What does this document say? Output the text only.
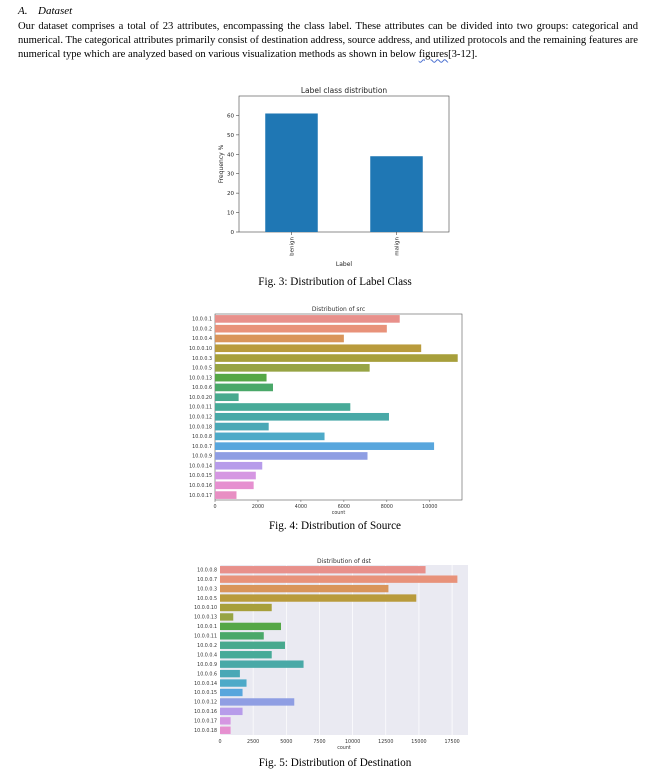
A. Dataset
Our dataset comprises a total of 23 attributes, encompassing the class label. These attributes can be divided into two groups: categorical and numerical. The categorical attributes primarily consist of destination address, source address, and utilized protocols and the remaining features are numerical type which are analyzed based on various visualization methods as shown in below figures[3-12].
Label class distribution
0
10
20
30
40
50
60
benign	malign
Label
Frequency %
Fig. 3: Distribution of Label Class
Distribution of src
0	2000	4000	6000	8000	10000
10.0.0.1
10.0.0.2
10.0.0.4
10.0.0.10
10.0.0.3
10.0.0.5
10.0.0.13
10.0.0.6
10.0.0.20
10.0.0.11
10.0.0.12
10.0.0.18
10.0.0.8
10.0.0.7
10.0.0.9
10.0.0.14
10.0.0.15
10.0.0.16
10.0.0.17
count
Fig. 4: Distribution of Source
Distribution of dst
0	2500	5000	7500	10000	12500	15000	17500
10.0.0.8
10.0.0.7
10.0.0.3
10.0.0.5
10.0.0.10
10.0.0.13
10.0.0.1
10.0.0.11
10.0.0.2
10.0.0.4
10.0.0.9
10.0.0.6
10.0.0.14
10.0.0.15
10.0.0.12
10.0.0.16
10.0.0.17
10.0.0.18
count
Fig. 5: Distribution of Destination
